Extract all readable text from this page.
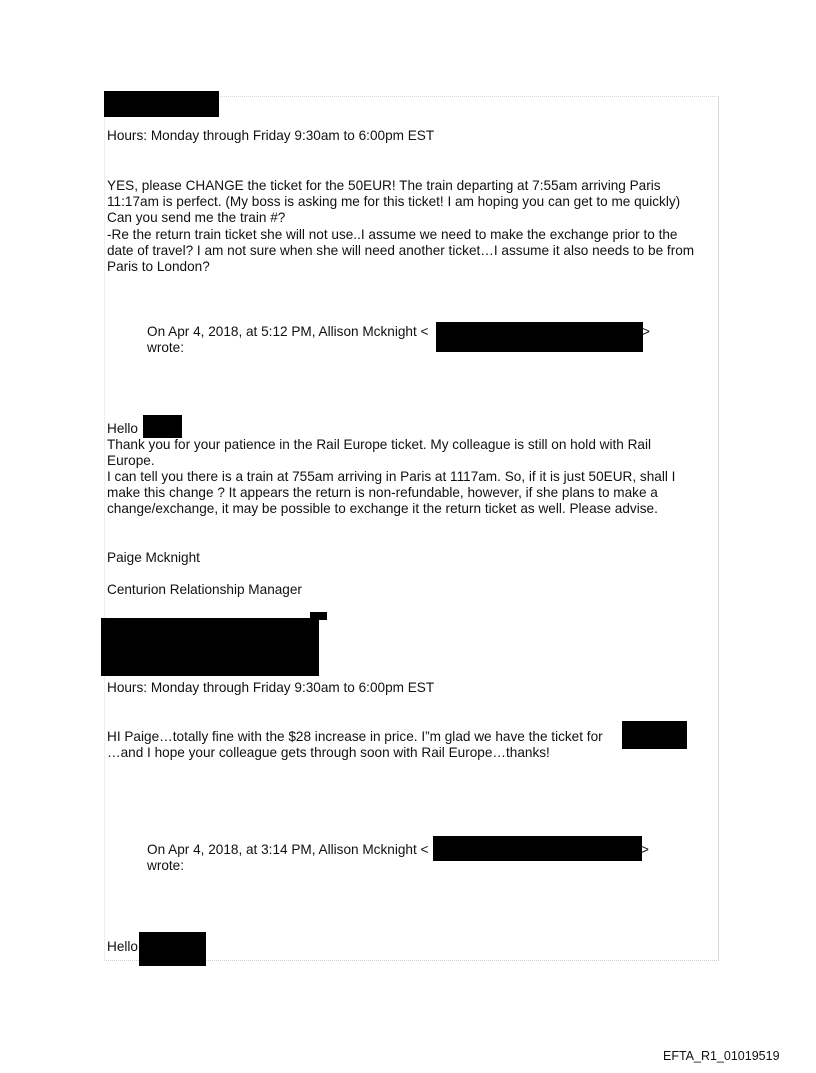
Hours: Monday through Friday 9:30am to 6:00pm EST
YES, please CHANGE the ticket for the 50EUR! The train departing at 7:55am arriving Paris
11:17am is perfect. (My boss is asking me for this ticket! I am hoping you can get to me quickly)
Can you send me the train #?
-Re the return train ticket she will not use..I assume we need to make the exchange prior to the
date of travel? I am not sure when she will need another ticket…I assume it also needs to be from
Paris to London?
On Apr 4, 2018, at 5:12 PM, Allison Mcknight <	>
wrote:
Hello
Thank you for your patience in the Rail Europe ticket. My colleague is still on hold with Rail
Europe.
I can tell you there is a train at 755am arriving in Paris at 1117am. So, if it is just 50EUR, shall I
make this change ? It appears the return is non-refundable, however, if she plans to make a
change/exchange, it may be possible to exchange it the return ticket as well. Please advise.
Paige Mcknight
Centurion Relationship Manager
Hours: Monday through Friday 9:30am to 6:00pm EST
HI Paige…totally fine with the $28 increase in price. I”m glad we have the ticket for
…and I hope your colleague gets through soon with Rail Europe…thanks!
On Apr 4, 2018, at 3:14 PM, Allison Mcknight <	>
wrote:
Hello
EFTA_R1_01019519
